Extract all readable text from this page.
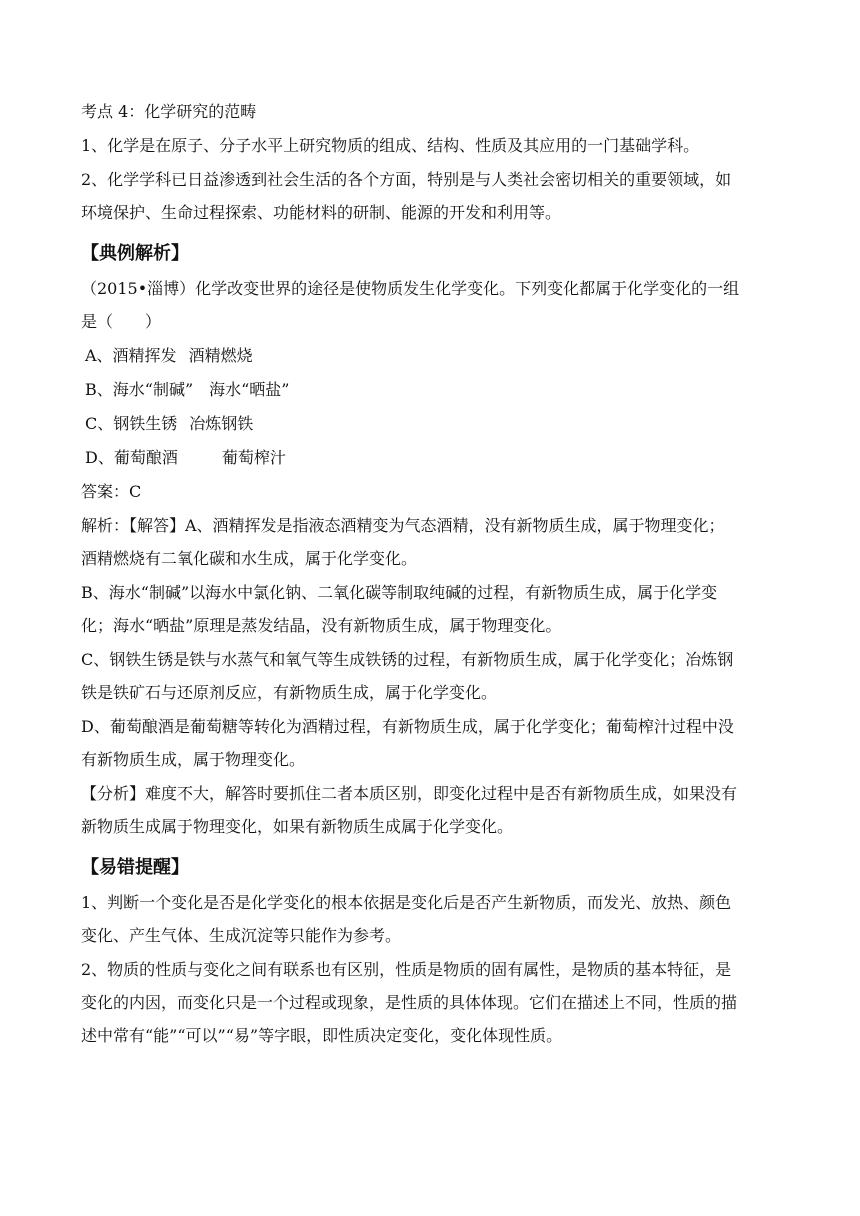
考点 4：化学研究的范畴

1、化学是在原子、分子水平上研究物质的组成、结构、性质及其应用的一门基础学科。

2、化学学科已日益渗透到社会生活的各个方面，特别是与人类社会密切相关的重要领域，如

环境保护、生命过程探索、功能材料的研制、能源的开发和利用等。

【典例解析】

（2015•淄博）化学改变世界的途径是使物质发生化学变化。下列变化都属于化学变化的一组

是（　　）

A、酒精挥发 酒精燃烧

B、海水“制碱” 海水“晒盐”

C、钢铁生锈 冶炼钢铁

D、葡萄酿酒	葡萄榨汁

答案：C

解析：【解答】A、酒精挥发是指液态酒精变为气态酒精，没有新物质生成，属于物理变化；

酒精燃烧有二氧化碳和水生成，属于化学变化。

B、海水“制碱”以海水中氯化钠、二氧化碳等制取纯碱的过程，有新物质生成，属于化学变

化；海水“晒盐”原理是蒸发结晶，没有新物质生成，属于物理变化。

C、钢铁生锈是铁与水蒸气和氧气等生成铁锈的过程，有新物质生成，属于化学变化；冶炼钢

铁是铁矿石与还原剂反应，有新物质生成，属于化学变化。

D、葡萄酿酒是葡萄糖等转化为酒精过程，有新物质生成，属于化学变化；葡萄榨汁过程中没

有新物质生成，属于物理变化。

【分析】难度不大，解答时要抓住二者本质区别，即变化过程中是否有新物质生成，如果没有

新物质生成属于物理变化，如果有新物质生成属于化学变化。

【易错提醒】

1、判断一个变化是否是化学变化的根本依据是变化后是否产生新物质，而发光、放热、颜色

变化、产生气体、生成沉淀等只能作为参考。

2、物质的性质与变化之间有联系也有区别，性质是物质的固有属性，是物质的基本特征，是

变化的内因，而变化只是一个过程或现象，是性质的具体体现。它们在描述上不同，性质的描

述中常有“能”“可以”“易”等字眼，即性质决定变化，变化体现性质。
